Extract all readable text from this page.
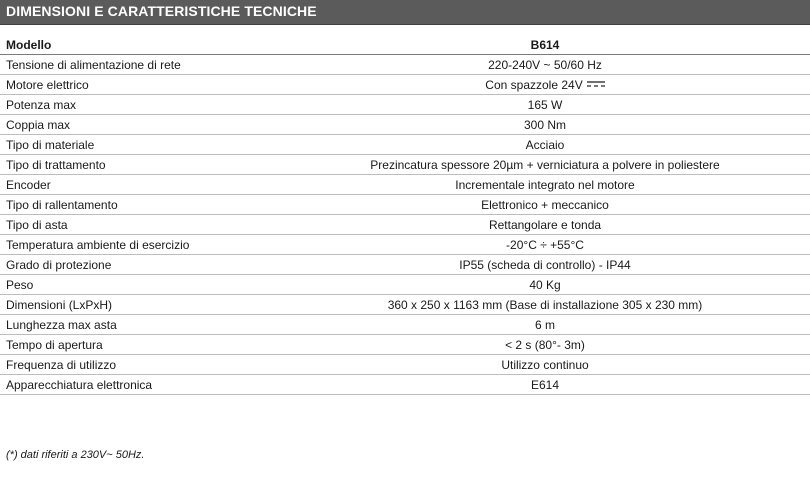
DIMENSIONI E CARATTERISTICHE TECNICHE
Modello	B614
Tensione di alimentazione di rete	220-240V ~ 50/60 Hz
Motore elettrico	Con spazzole 24V
Potenza max	165 W
Coppia max	300 Nm
Tipo di materiale	Acciaio
Tipo di trattamento	Prezincatura spessore 20µm + verniciatura a polvere in poliestere
Encoder	Incrementale integrato nel motore
Tipo di rallentamento	Elettronico + meccanico
Tipo di asta	Rettangolare e tonda
Temperatura ambiente di esercizio	-20°C ÷ +55°C
Grado di protezione	IP55 (scheda di controllo) - IP44
Peso	40 Kg
Dimensioni (LxPxH)	360 x 250 x 1163 mm (Base di installazione 305 x 230 mm)
Lunghezza max asta	6 m
Tempo di apertura	< 2 s (80°- 3m)
Frequenza di utilizzo	Utilizzo continuo
Apparecchiatura elettronica	E614
(*) dati riferiti a 230V~ 50Hz.
